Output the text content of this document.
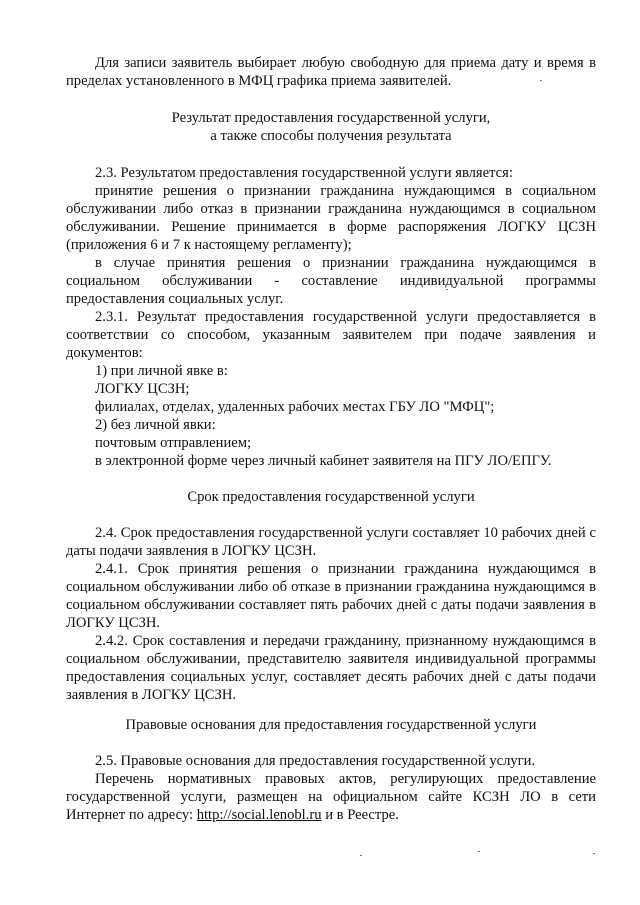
Для записи заявитель выбирает любую свободную для приема дату и время в пределах установленного в МФЦ графика приема заявителей.

Результат предоставления государственной услуги,
а также способы получения результата

2.3. Результатом предоставления государственной услуги является:

принятие решения о признании гражданина нуждающимся в социальном обслуживании либо отказ в признании гражданина нуждающимся в социальном обслуживании. Решение принимается в форме распоряжения ЛОГКУ ЦСЗН (приложения 6 и 7 к настоящему регламенту);

в случае принятия решения о признании гражданина нуждающимся в социальном обслуживании - составление индивидуальной программы предоставления социальных услуг.

2.3.1. Результат предоставления государственной услуги предоставляется в соответствии со способом, указанным заявителем при подаче заявления и документов:

1) при личной явке в:

ЛОГКУ ЦСЗН;

филиалах, отделах, удаленных рабочих местах ГБУ ЛО "МФЦ";

2) без личной явки:

почтовым отправлением;

в электронной форме через личный кабинет заявителя на ПГУ ЛО/ЕПГУ.

Срок предоставления государственной услуги

2.4. Срок предоставления государственной услуги составляет 10 рабочих дней с даты подачи заявления в ЛОГКУ ЦСЗН.

2.4.1. Срок принятия решения о признании гражданина нуждающимся в социальном обслуживании либо об отказе в признании гражданина нуждающимся в социальном обслуживании составляет пять рабочих дней с даты подачи заявления в ЛОГКУ ЦСЗН.

2.4.2. Срок составления и передачи гражданину, признанному нуждающимся в социальном обслуживании, представителю заявителя индивидуальной программы предоставления социальных услуг, составляет десять рабочих дней с даты подачи заявления в ЛОГКУ ЦСЗН.

Правовые основания для предоставления государственной услуги

2.5. Правовые основания для предоставления государственной услуги.

Перечень нормативных правовых актов, регулирующих предоставление государственной услуги, размещен на официальном сайте КСЗН ЛО в сети Интернет по адресу: http://social.lenobl.ru и в Реестре.
